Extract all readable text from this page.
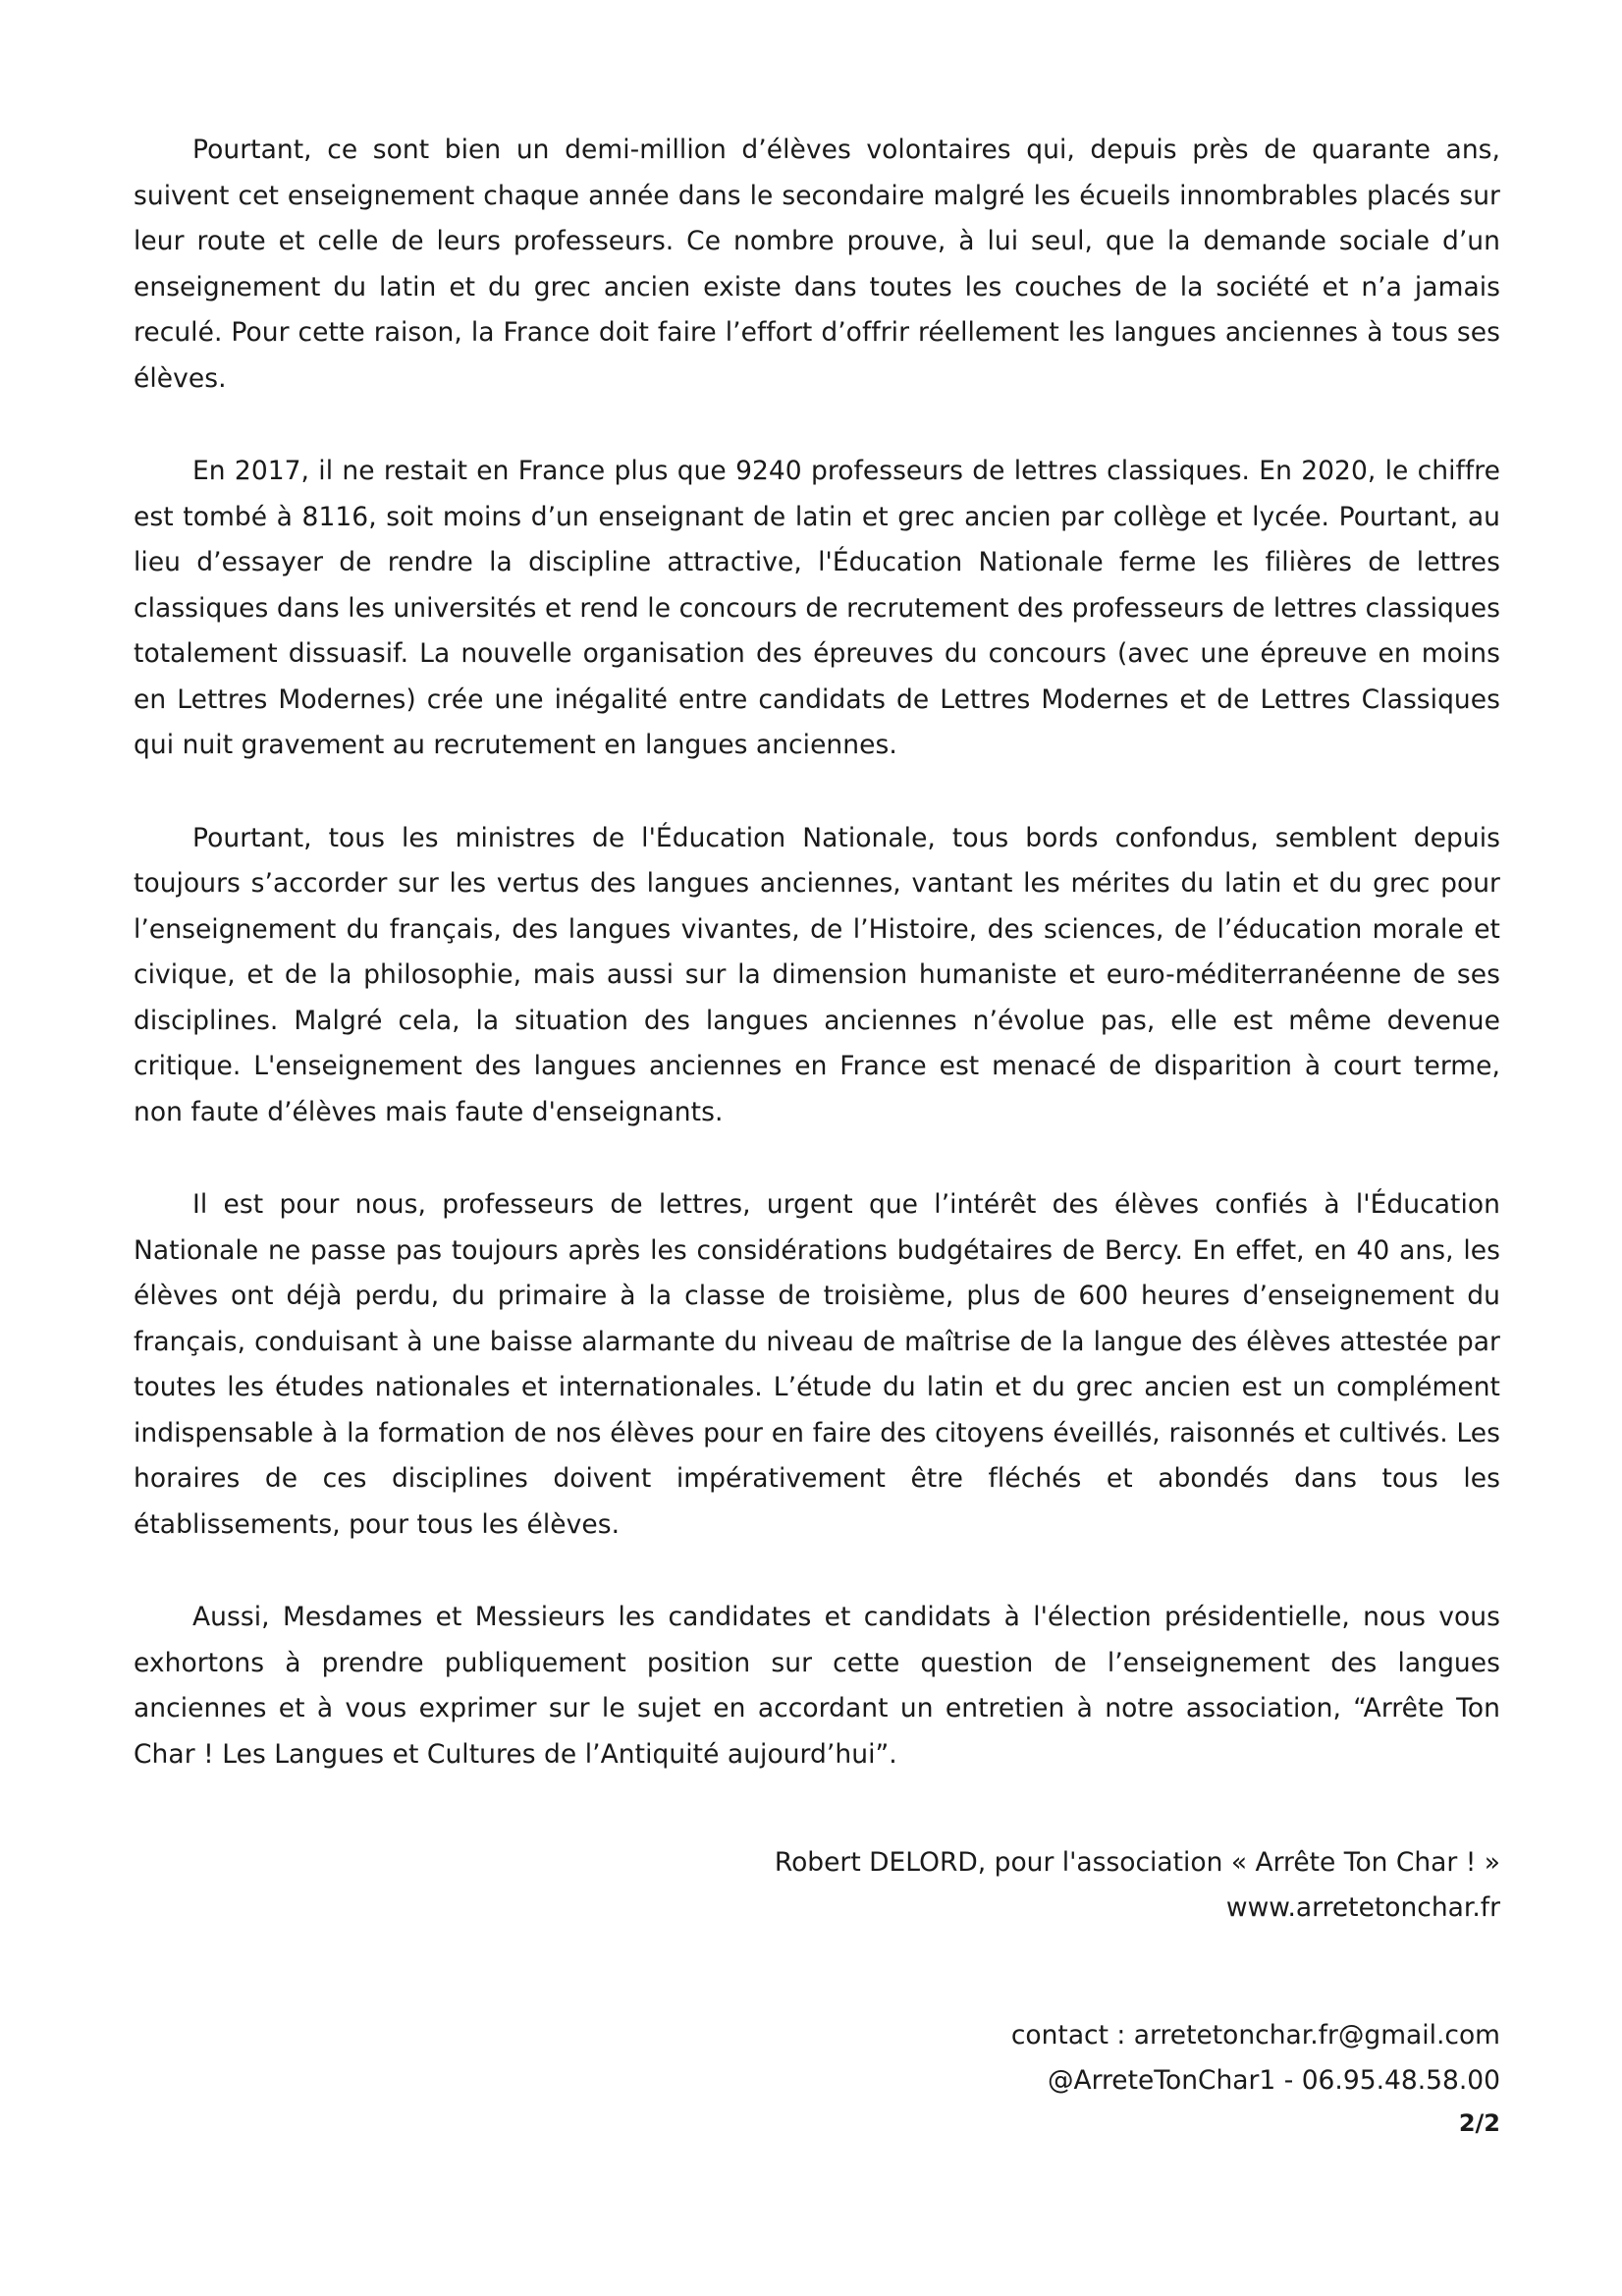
Pourtant, ce sont bien un demi-million d’élèves volontaires qui, depuis près de quarante ans, suivent cet enseignement chaque année dans le secondaire malgré les écueils innombrables placés sur leur route et celle de leurs professeurs. Ce nombre prouve, à lui seul, que la demande sociale d’un enseignement du latin et du grec ancien existe dans toutes les couches de la société et n’a jamais reculé. Pour cette raison, la France doit faire l’effort d’offrir réellement les langues anciennes à tous ses élèves.

En 2017, il ne restait en France plus que 9240 professeurs de lettres classiques. En 2020, le chiffre est tombé à 8116, soit moins d’un enseignant de latin et grec ancien par collège et lycée. Pourtant, au lieu d’essayer de rendre la discipline attractive, l'Éducation Nationale ferme les filières de lettres classiques dans les universités et rend le concours de recrutement des professeurs de lettres classiques totalement dissuasif. La nouvelle organisation des épreuves du concours (avec une épreuve en moins en Lettres Modernes) crée une inégalité entre candidats de Lettres Modernes et de Lettres Classiques qui nuit gravement au recrutement en langues anciennes.

Pourtant, tous les ministres de l'Éducation Nationale, tous bords confondus, semblent depuis toujours s’accorder sur les vertus des langues anciennes, vantant les mérites du latin et du grec pour l’enseignement du français, des langues vivantes, de l’Histoire, des sciences, de l’éducation morale et civique, et de la philosophie, mais aussi sur la dimension humaniste et euro-méditerranéenne de ses disciplines. Malgré cela, la situation des langues anciennes n’évolue pas, elle est même devenue critique. L'enseignement des langues anciennes en France est menacé de disparition à court terme, non faute d’élèves mais faute d'enseignants.

Il est pour nous, professeurs de lettres, urgent que l’intérêt des élèves confiés à l'Éducation Nationale ne passe pas toujours après les considérations budgétaires de Bercy. En effet, en 40 ans, les élèves ont déjà perdu, du primaire à la classe de troisième, plus de 600 heures d’enseignement du français, conduisant à une baisse alarmante du niveau de maîtrise de la langue des élèves attestée par toutes les études nationales et internationales. L’étude du latin et du grec ancien est un complément indispensable à la formation de nos élèves pour en faire des citoyens éveillés, raisonnés et cultivés. Les horaires de ces disciplines doivent impérativement être fléchés et abondés dans tous les établissements, pour tous les élèves.

Aussi, Mesdames et Messieurs les candidates et candidats à l'élection présidentielle, nous vous exhortons à prendre publiquement position sur cette question de l’enseignement des langues anciennes et à vous exprimer sur le sujet en accordant un entretien à notre association, “Arrête Ton Char ! Les Langues et Cultures de l’Antiquité aujourd’hui”.

Robert DELORD, pour l'association « Arrête Ton Char ! »
www.arretetonchar.fr
contact : arretetonchar.fr@gmail.com
@ArreteTonChar1 - 06.95.48.58.00
2/2
